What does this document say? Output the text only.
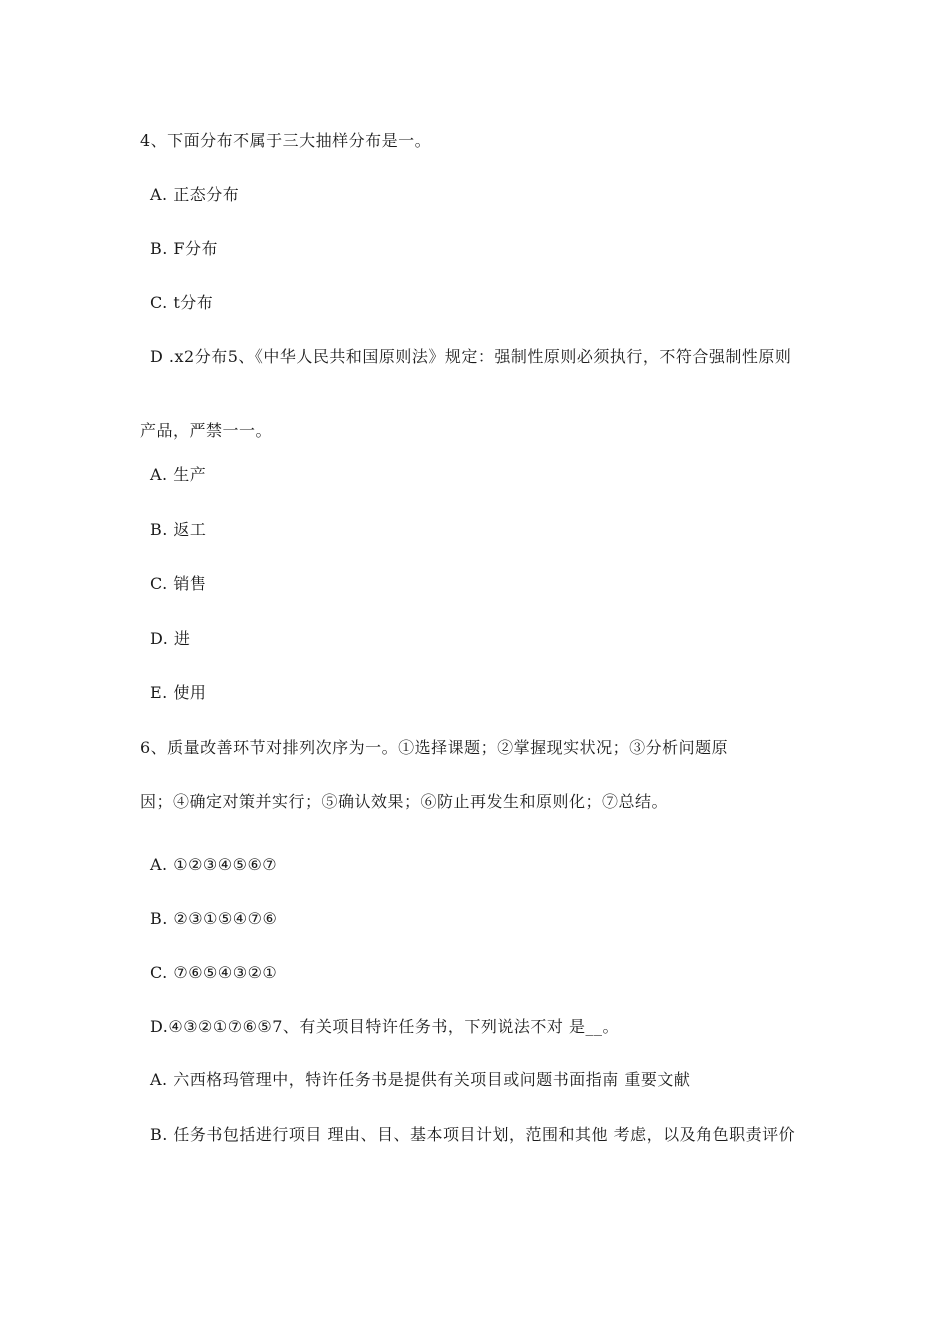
4、下面分布不属于三大抽样分布是一。
A. 正态分布
B. F分布
C. t分布
D .x2分布5、《中华人民共和国原则法》规定：强制性原则必须执行，不符合强制性原则
产品，严禁一一。
A. 生产
B. 返工
C. 销售
D. 进
E. 使用
6、质量改善环节对排列次序为一。①选择课题；②掌握现实状况；③分析问题原
因；④确定对策并实行；⑤确认效果；⑥防止再发生和原则化；⑦总结。
A. ①②③④⑤⑥⑦
B. ②③①⑤④⑦⑥
C. ⑦⑥⑤④③②①
D.④③②①⑦⑥⑤7、有关项目特许任务书，下列说法不对 是__。
A. 六西格玛管理中，特许任务书是提供有关项目或问题书面指南 重要文献
B. 任务书包括进行项目 理由、目、基本项目计划，范围和其他 考虑，以及角色职责评价
